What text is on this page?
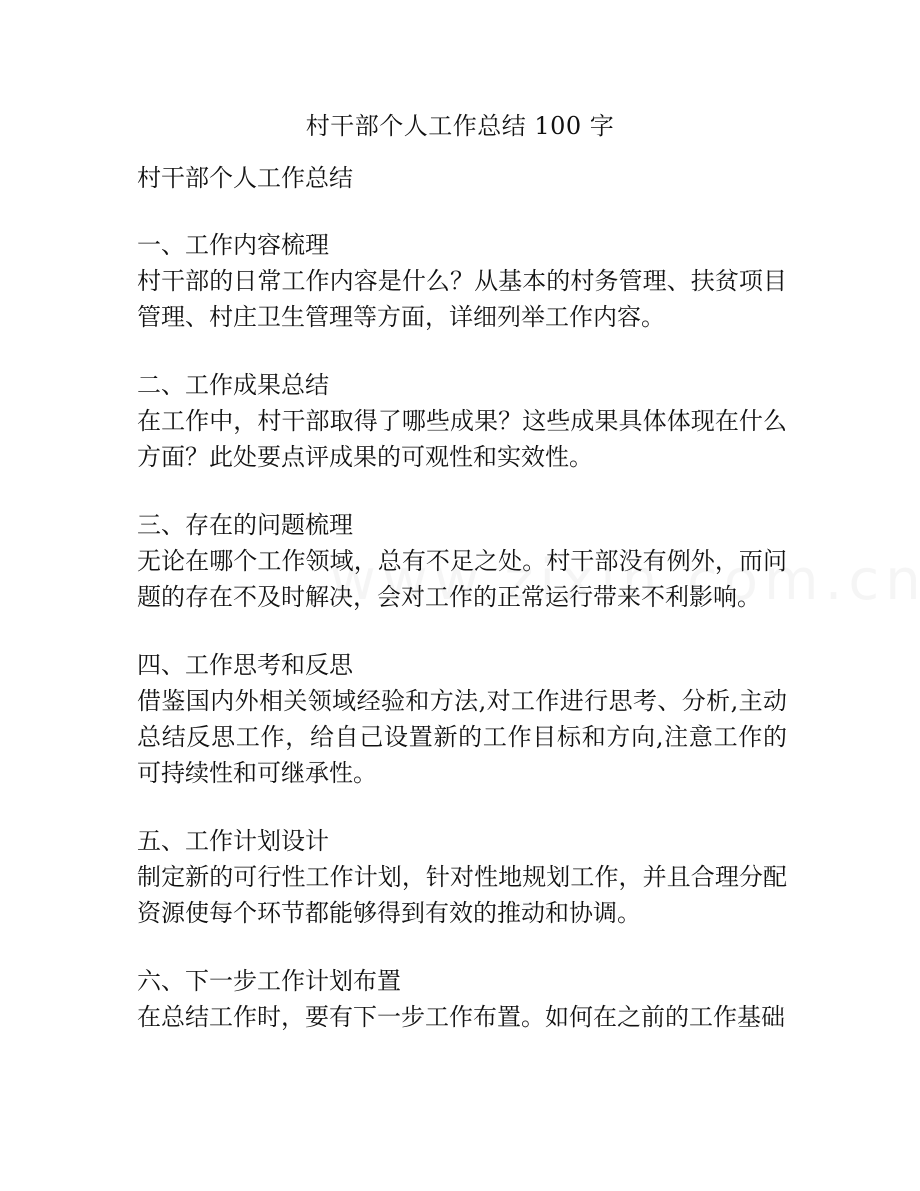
村干部个人工作总结 100 字
村干部个人工作总结
一、工作内容梳理

村干部的日常工作内容是什么？从基本的村务管理、扶贫项目管理、村庄卫生管理等方面，详细列举工作内容。

二、工作成果总结

在工作中，村干部取得了哪些成果？这些成果具体体现在什么方面？此处要点评成果的可观性和实效性。

三、存在的问题梳理

无论在哪个工作领域，总有不足之处。村干部没有例外，而问题的存在不及时解决，会对工作的正常运行带来不利影响。

四、工作思考和反思

借鉴国内外相关领域经验和方法,对工作进行思考、分析,主动总结反思工作，给自己设置新的工作目标和方向,注意工作的可持续性和可继承性。

五、工作计划设计

制定新的可行性工作计划，针对性地规划工作，并且合理分配资源使每个环节都能够得到有效的推动和协调。

六、下一步工作计划布置

在总结工作时，要有下一步工作布置。如何在之前的工作基础
